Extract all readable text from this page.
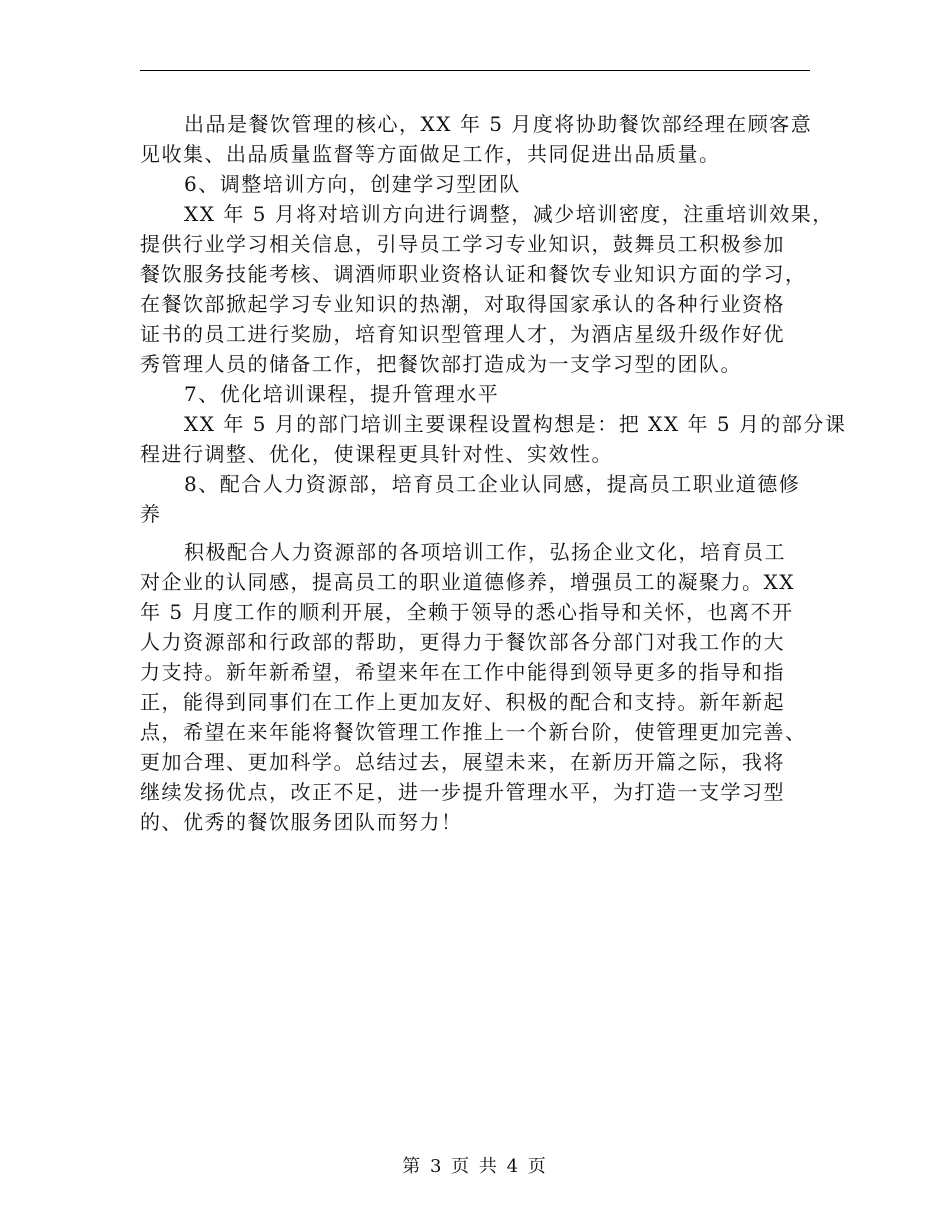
出品是餐饮管理的核心，XX 年 5 月度将协助餐饮部经理在顾客意
见收集、出品质量监督等方面做足工作，共同促进出品质量。
6、调整培训方向，创建学习型团队
XX 年 5 月将对培训方向进行调整，减少培训密度，注重培训效果，
提供行业学习相关信息，引导员工学习专业知识，鼓舞员工积极参加
餐饮服务技能考核、调酒师职业资格认证和餐饮专业知识方面的学习，
在餐饮部掀起学习专业知识的热潮，对取得国家承认的各种行业资格
证书的员工进行奖励，培育知识型管理人才，为酒店星级升级作好优
秀管理人员的储备工作，把餐饮部打造成为一支学习型的团队。
7、优化培训课程，提升管理水平
XX 年 5 月的部门培训主要课程设置构想是：把 XX 年 5 月的部分课
程进行调整、优化，使课程更具针对性、实效性。
8、配合人力资源部，培育员工企业认同感，提高员工职业道德修
养
积极配合人力资源部的各项培训工作，弘扬企业文化，培育员工
对企业的认同感，提高员工的职业道德修养，增强员工的凝聚力。XX
年 5 月度工作的顺利开展，全赖于领导的悉心指导和关怀，也离不开
人力资源部和行政部的帮助，更得力于餐饮部各分部门对我工作的大
力支持。新年新希望，希望来年在工作中能得到领导更多的指导和指
正，能得到同事们在工作上更加友好、积极的配合和支持。新年新起
点，希望在来年能将餐饮管理工作推上一个新台阶，使管理更加完善、
更加合理、更加科学。总结过去，展望未来，在新历开篇之际，我将
继续发扬优点，改正不足，进一步提升管理水平，为打造一支学习型
的、优秀的餐饮服务团队而努力！
第 3 页 共 4 页
